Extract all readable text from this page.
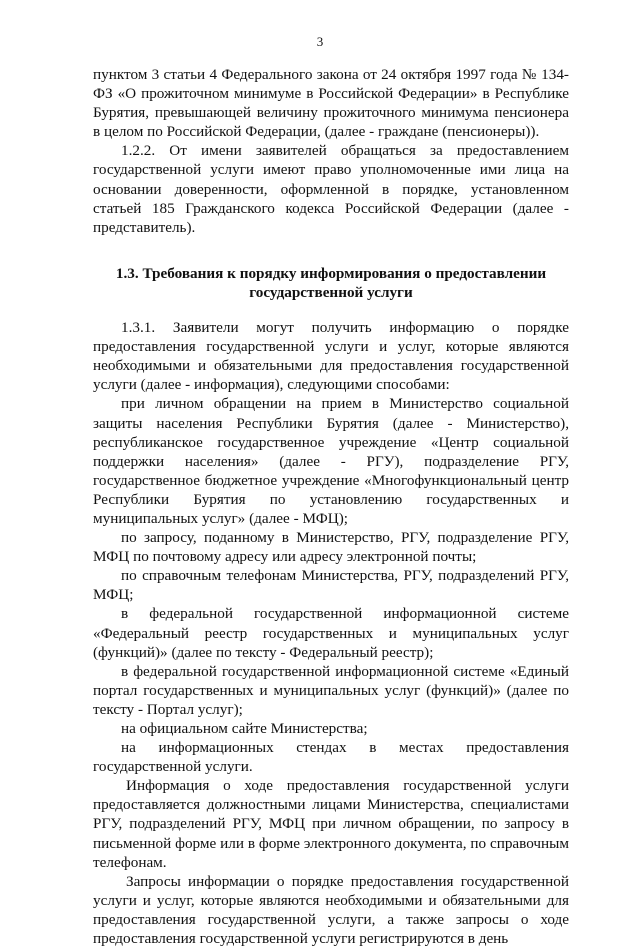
3

пунктом 3 статьи 4 Федерального закона от 24 октября 1997 года № 134-ФЗ «О прожиточном минимуме в Российской Федерации» в Республике Бурятия, превышающей величину прожиточного минимума пенсионера в целом по Российской Федерации, (далее - граждане (пенсионеры)).

1.2.2. От имени заявителей обращаться за предоставлением государственной услуги имеют право уполномоченные ими лица на основании доверенности, оформленной в порядке, установленном статьей 185 Гражданского кодекса Российской Федерации (далее - представитель).

1.3. Требования к порядку информирования о предоставлении
государственной услуги

1.3.1. Заявители могут получить информацию о порядке предоставления государственной услуги и услуг, которые являются необходимыми и обязательными для предоставления государственной услуги (далее - информация), следующими способами:

при личном обращении на прием в Министерство социальной защиты населения Республики Бурятия (далее - Министерство), республиканское государственное учреждение «Центр социальной поддержки населения» (далее - РГУ), подразделение РГУ, государственное бюджетное учреждение «Многофункциональный центр Республики Бурятия по установлению государственных и муниципальных услуг» (далее - МФЦ);

по запросу, поданному в Министерство, РГУ, подразделение РГУ, МФЦ по почтовому адресу или адресу электронной почты;

по справочным телефонам Министерства, РГУ, подразделений РГУ, МФЦ;

в федеральной государственной информационной системе «Федеральный реестр государственных и муниципальных услуг (функций)» (далее по тексту - Федеральный реестр);

в федеральной государственной информационной системе «Единый портал государственных и муниципальных услуг (функций)» (далее по тексту - Портал услуг);

на официальном сайте Министерства;

на информационных стендах в местах предоставления государственной услуги.

Информация о ходе предоставления государственной услуги предоставляется должностными лицами Министерства, специалистами РГУ, подразделений РГУ, МФЦ при личном обращении, по запросу в письменной форме или в форме электронного документа, по справочным телефонам.

Запросы информации о порядке предоставления государственной услуги и услуг, которые являются необходимыми и обязательными для предоставления государственной услуги, а также запросы о ходе предоставления государственной услуги регистрируются в день
